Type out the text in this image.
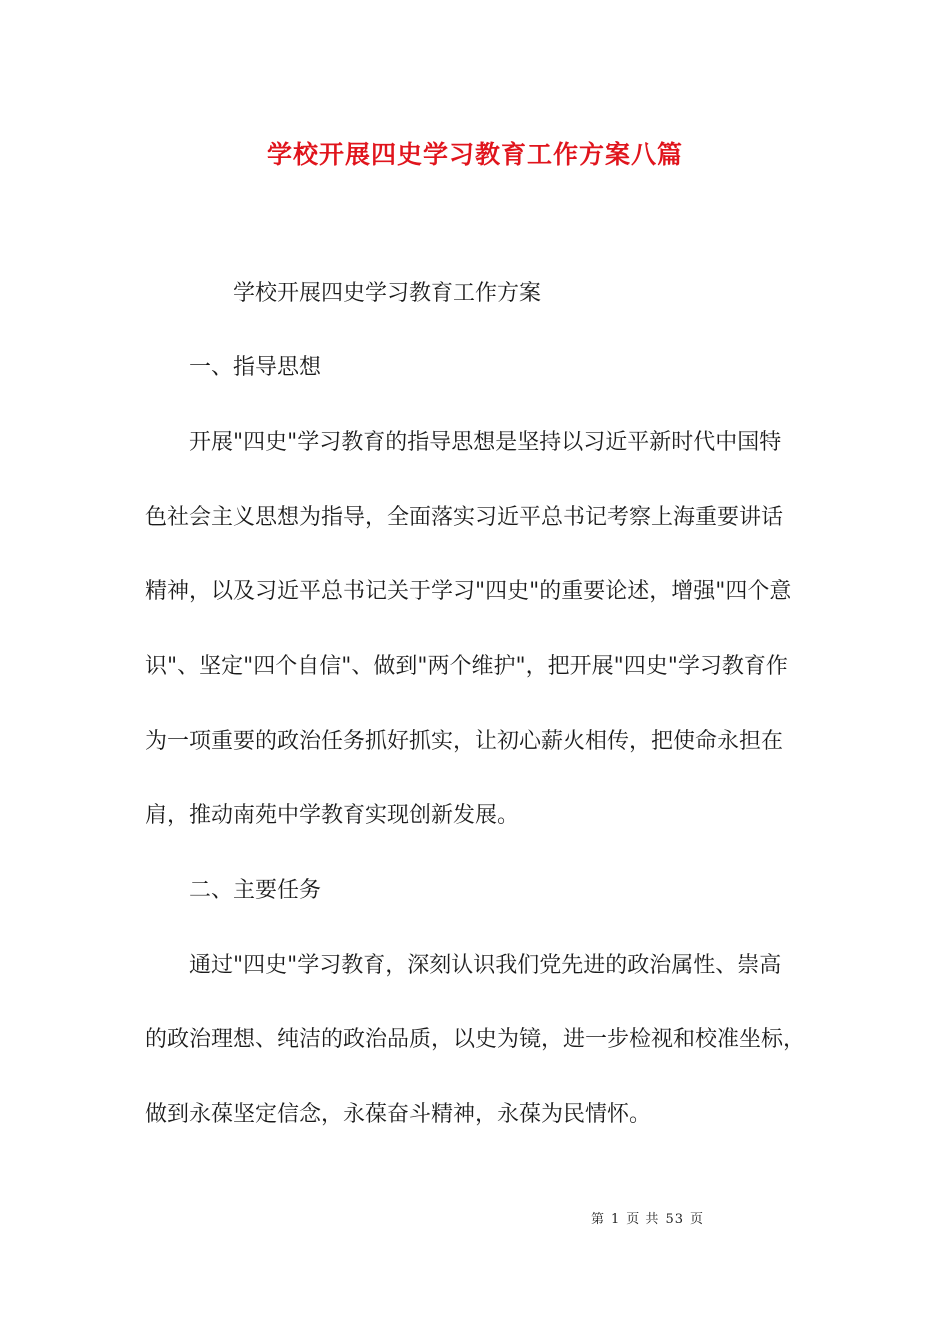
学校开展四史学习教育工作方案八篇
学校开展四史学习教育工作方案
一、指导思想
开展"四史"学习教育的指导思想是坚持以习近平新时代中国特
色社会主义思想为指导，全面落实习近平总书记考察上海重要讲话
精神，以及习近平总书记关于学习"四史"的重要论述，增强"四个意
识"、坚定"四个自信"、做到"两个维护"，把开展"四史"学习教育作
为一项重要的政治任务抓好抓实，让初心薪火相传，把使命永担在
肩，推动南苑中学教育实现创新发展。
二、主要任务
通过"四史"学习教育，深刻认识我们党先进的政治属性、崇高
的政治理想、纯洁的政治品质，以史为镜，进一步检视和校准坐标，
做到永葆坚定信念，永葆奋斗精神，永葆为民情怀。
第 1 页 共 53 页
